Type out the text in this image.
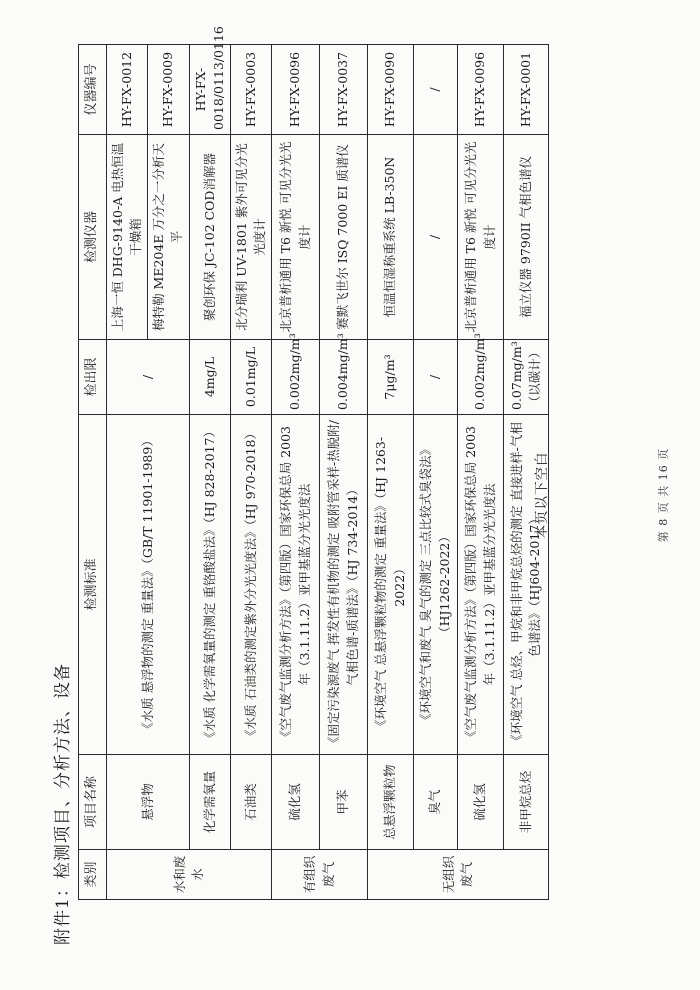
附件1：检测项目、分析方法、设备 类别	项目名称	检测标准	检出限	检测仪器	仪器编号
水和废水	悬浮物	《水质 悬浮物的测定 重量法》（GB/T 11901-1989）	/	上海一恒 DHG-9140-A 电热恒温干燥箱	HY-FX-0012
				梅特勒 ME204E 万分之一分析天平	HY-FX-0009
	化学需氧量	《水质 化学需氧量的测定 重铬酸盐法》（HJ 828-2017）	4mg/L	聚创环保 JC-102 COD消解器	HY-FX-0018/0113/0116
	石油类	《水质 石油类的测定紫外分光光度法》（HJ 970-2018）	0.01mg/L	北分瑞利 UV-1801 紫外可见分光光度计	HY-FX-0003
有组织废气	硫化氢	《空气废气监测分析方法》（第四版）国家环保总局 2003 年（3.1.11.2）亚甲基蓝分光光度法	0.002mg/m³	北京普析通用 T6 新悦 可见分光光度计	HY-FX-0096
	甲苯	《固定污染源废气 挥发性有机物的测定 吸附管采样-热脱附/气相色谱-质谱法》（HJ 734-2014）	0.004mg/m³	赛默飞世尔 ISQ 7000 EI 质谱仪	HY-FX-0037
无组织废气	总悬浮颗粒物	《环境空气 总悬浮颗粒物的测定 重量法》（HJ 1263-2022）	7μg/m³	恒温恒湿称重系统 LB-350N	HY-FX-0090
	臭气	《环境空气和废气 臭气的测定 三点比较式臭袋法》（HJ1262-2022）	/	/	/
	硫化氢	《空气废气监测分析方法》（第四版）国家环保总局 2003 年（3.1.11.2）亚甲基蓝分光光度法	0.002mg/m³	北京普析通用 T6 新悦 可见分光光度计	HY-FX-0096
	非甲烷总烃	《环境空气 总烃、甲烷和非甲烷总烃的测定 直接进样-气相色谱法》（HJ604-2017）	0.07mg/m³（以碳计）	福立仪器 9790II 气相色谱仪	HY-FX-0001
本页以下空白	第 8 页 共 16 页
